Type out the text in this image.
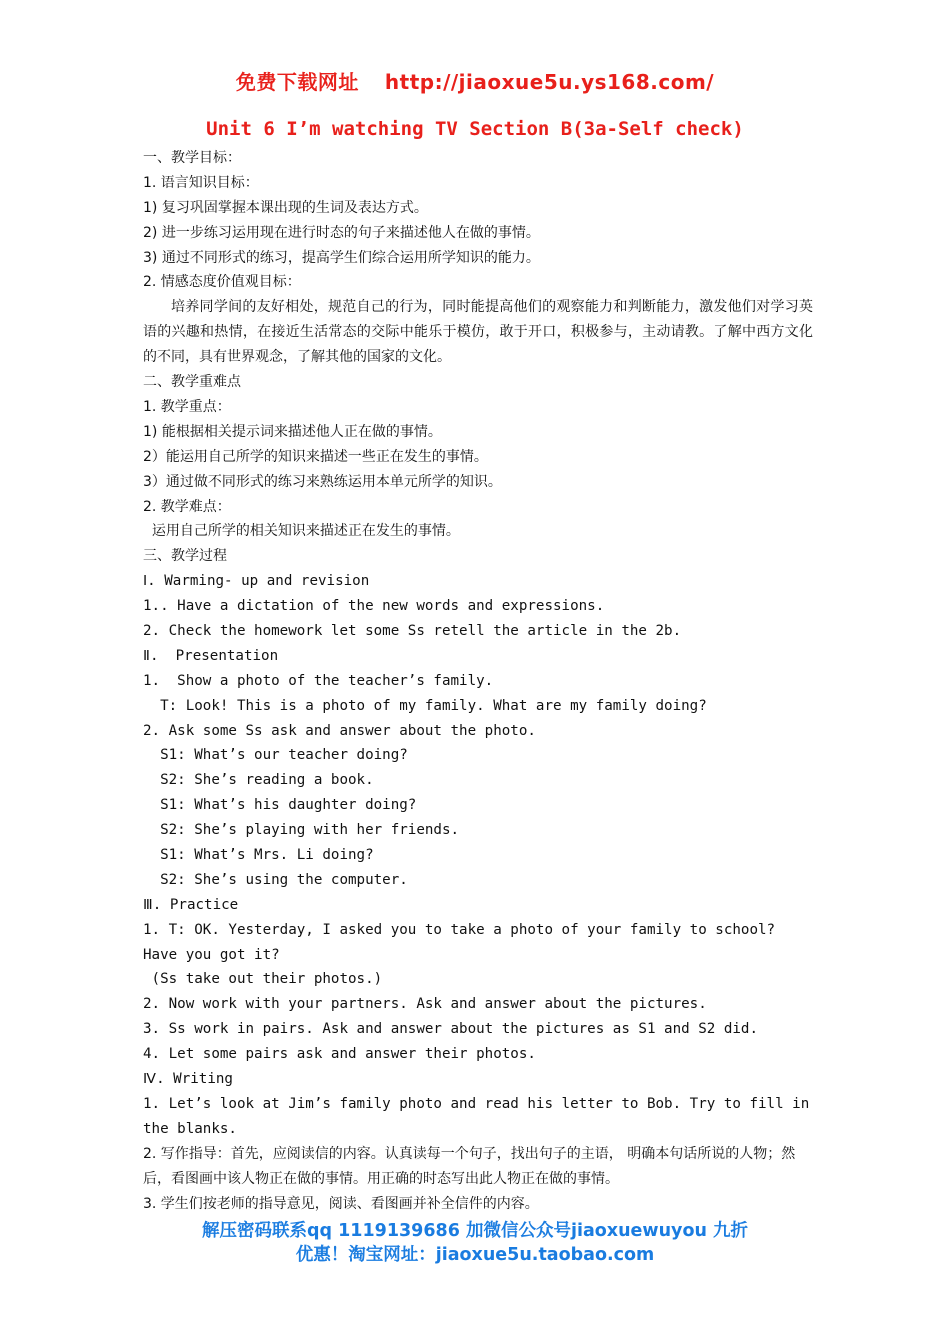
免费下载网址 http://jiaoxue5u.ys168.com/
Unit 6 I’m watching TV Section B(3a-Self check)
一、教学目标：
1. 语言知识目标：
1) 复习巩固掌握本课出现的生词及表达方式。
2) 进一步练习运用现在进行时态的句子来描述他人在做的事情。
3) 通过不同形式的练习，提高学生们综合运用所学知识的能力。
2. 情感态度价值观目标：
培养同学间的友好相处，规范自己的行为，同时能提高他们的观察能力和判断能力，激发他们对学习英语的兴趣和热情，在接近生活常态的交际中能乐于模仿，敢于开口，积极参与，主动请教。了解中西方文化的不同，具有世界观念，了解其他的国家的文化。
二、教学重难点
1. 教学重点：
1) 能根据相关提示词来描述他人正在做的事情。
2）能运用自己所学的知识来描述一些正在发生的事情。
3）通过做不同形式的练习来熟练运用本单元所学的知识。
2. 教学难点：
运用自己所学的相关知识来描述正在发生的事情。
三、教学过程
Ⅰ. Warming- up and revision
1.. Have a dictation of the new words and expressions.
2. Check the homework let some Ss retell the article in the 2b.
Ⅱ.  Presentation
1.  Show a photo of the teacher’s family.
T: Look! This is a photo of my family. What are my family doing?
2. Ask some Ss ask and answer about the photo.
S1: What’s our teacher doing?
S2: She’s reading a book.
S1: What’s his daughter doing?
S2: She’s playing with her friends.
S1: What’s Mrs. Li doing?
S2: She’s using the computer.
Ⅲ. Practice
1. T: OK. Yesterday, I asked you to take a photo of your family to school? Have you got it?
(Ss take out their photos.)
2. Now work with your partners. Ask and answer about the pictures.
3. Ss work in pairs. Ask and answer about the pictures as S1 and S2 did.
4. Let some pairs ask and answer their photos.
Ⅳ. Writing
1. Let’s look at Jim’s family photo and read his letter to Bob. Try to fill in the blanks.
2. 写作指导：首先，应阅读信的内容。认真读每一个句子，找出句子的主语， 明确本句话所说的人物；然后，看图画中该人物正在做的事情。用正确的时态写出此人物正在做的事情。
3. 学生们按老师的指导意见，阅读、看图画并补全信件的内容。
解压密码联系qq 1119139686 加微信公众号jiaoxuewuyou 九折
优惠！淘宝网址：jiaoxue5u.taobao.com
